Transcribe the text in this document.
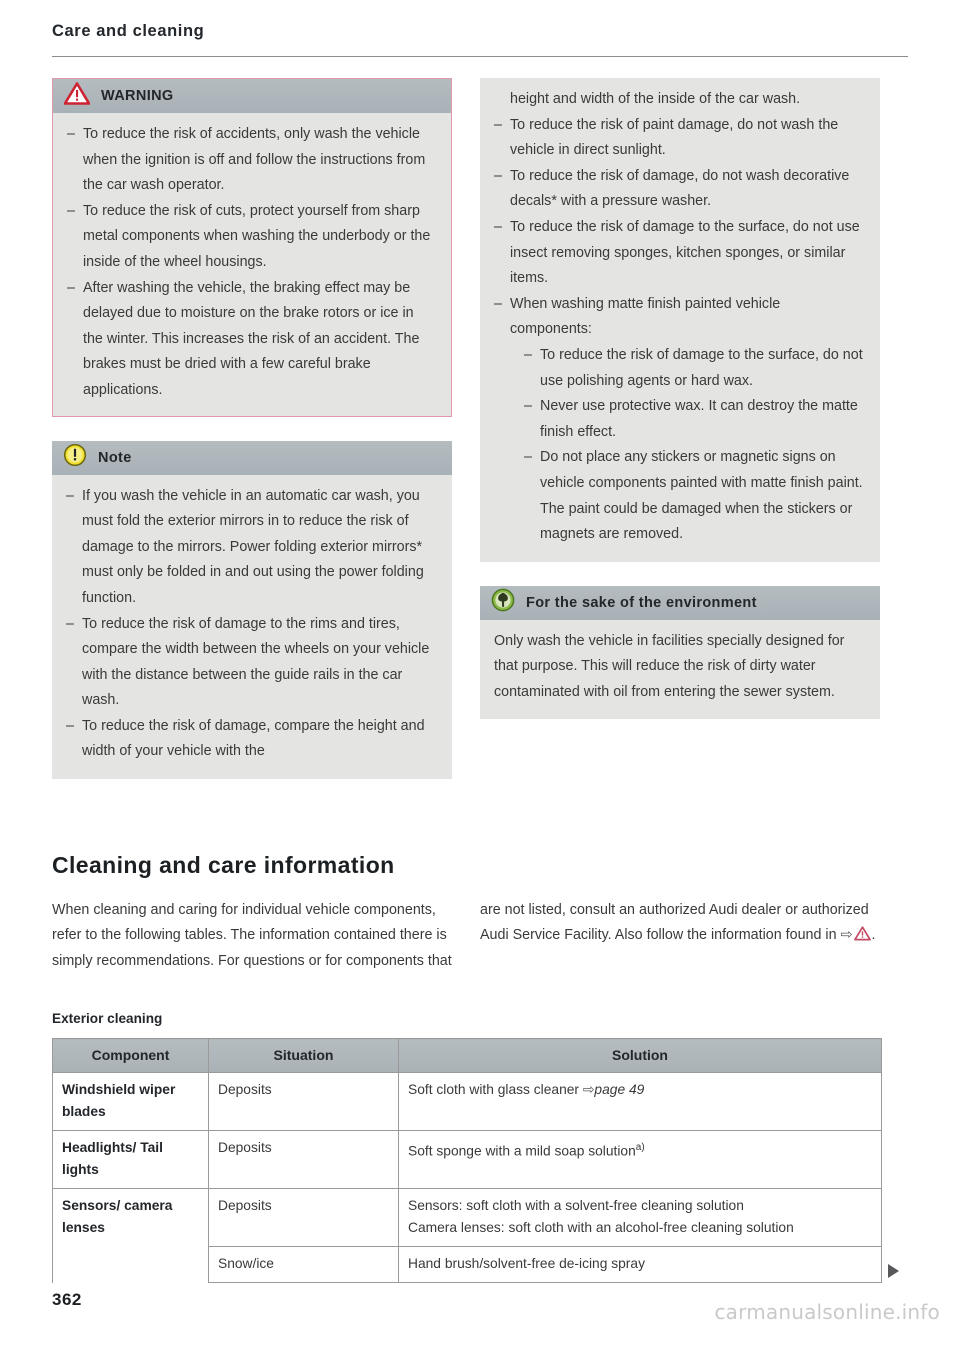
Care and cleaning
WARNING
– To reduce the risk of accidents, only wash the vehicle when the ignition is off and follow the instructions from the car wash operator.
– To reduce the risk of cuts, protect yourself from sharp metal components when washing the underbody or the inside of the wheel housings.
– After washing the vehicle, the braking effect may be delayed due to moisture on the brake rotors or ice in the winter. This increases the risk of an accident. The brakes must be dried with a few careful brake applications.
Note
– If you wash the vehicle in an automatic car wash, you must fold the exterior mirrors in to reduce the risk of damage to the mirrors. Power folding exterior mirrors* must only be folded in and out using the power folding function.
– To reduce the risk of damage to the rims and tires, compare the width between the wheels on your vehicle with the distance between the guide rails in the car wash.
– To reduce the risk of damage, compare the height and width of your vehicle with the
height and width of the inside of the car wash.
– To reduce the risk of paint damage, do not wash the vehicle in direct sunlight.
– To reduce the risk of damage, do not wash decorative decals* with a pressure washer.
– To reduce the risk of damage to the surface, do not use insect removing sponges, kitchen sponges, or similar items.
– When washing matte finish painted vehicle components:
– To reduce the risk of damage to the surface, do not use polishing agents or hard wax.
– Never use protective wax. It can destroy the matte finish effect.
– Do not place any stickers or magnetic signs on vehicle components painted with matte finish paint. The paint could be damaged when the stickers or magnets are removed.
For the sake of the environment

Only wash the vehicle in facilities specially designed for that purpose. This will reduce the risk of dirty water contaminated with oil from entering the sewer system.

Cleaning and care information
When cleaning and caring for individual vehicle components, refer to the following tables. The information contained there is simply recommendations. For questions or for components that
are not listed, consult an authorized Audi dealer or authorized Audi Service Facility. Also follow the information found in ⇨ .
Exterior cleaning
Component	Situation	Solution
Windshield wiper blades	Deposits	Soft cloth with glass cleaner ⇨page 49
Headlights/ Tail lights	Deposits	Soft sponge with a mild soap solution$^{a)}$
Sensors/ camera lenses	Deposits	Sensors: soft cloth with a solvent-free cleaning solution
Camera lenses: soft cloth with an alcohol-free cleaning solution

	Snow/ice	Hand brush/solvent-free de-icing spray
362
carmanualsonline.info
